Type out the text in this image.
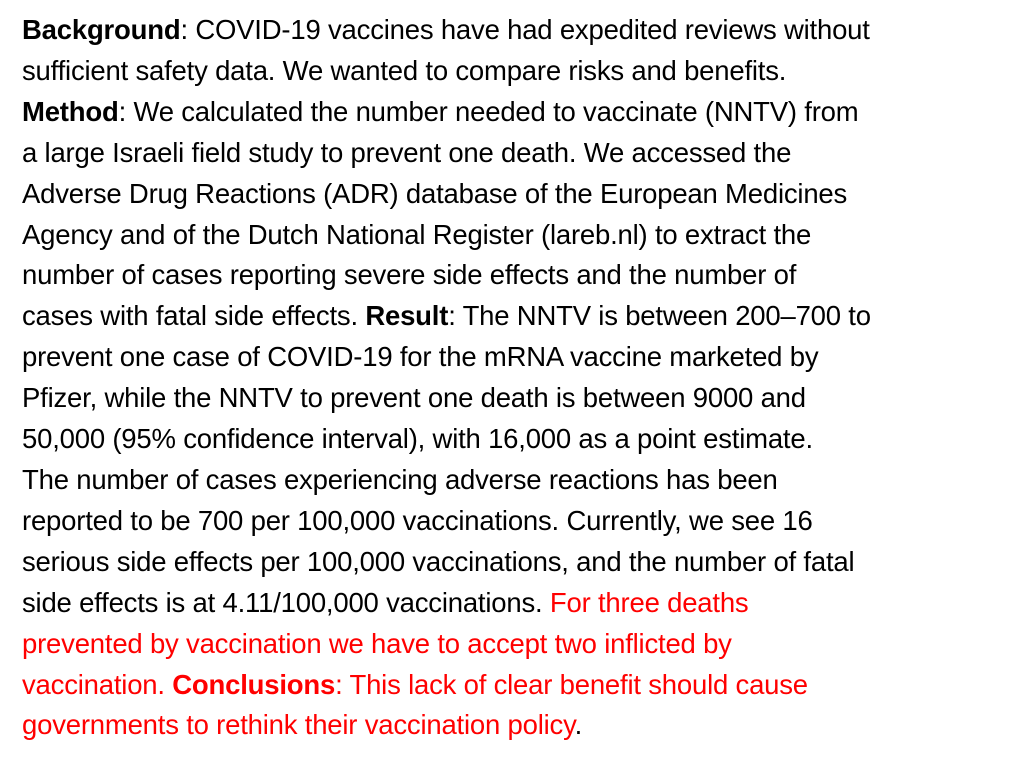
Background: COVID-19 vaccines have had expedited reviews without
sufficient safety data. We wanted to compare risks and benefits.
Method: We calculated the number needed to vaccinate (NNTV) from
a large Israeli field study to prevent one death. We accessed the
Adverse Drug Reactions (ADR) database of the European Medicines
Agency and of the Dutch National Register (lareb.nl) to extract the
number of cases reporting severe side effects and the number of
cases with fatal side effects. Result: The NNTV is between 200–700 to
prevent one case of COVID-19 for the mRNA vaccine marketed by
Pfizer, while the NNTV to prevent one death is between 9000 and
50,000 (95% confidence interval), with 16,000 as a point estimate.
The number of cases experiencing adverse reactions has been
reported to be 700 per 100,000 vaccinations. Currently, we see 16
serious side effects per 100,000 vaccinations, and the number of fatal
side effects is at 4.11/100,000 vaccinations. For three deaths
prevented by vaccination we have to accept two inflicted by
vaccination. Conclusions: This lack of clear benefit should cause
governments to rethink their vaccination policy.
